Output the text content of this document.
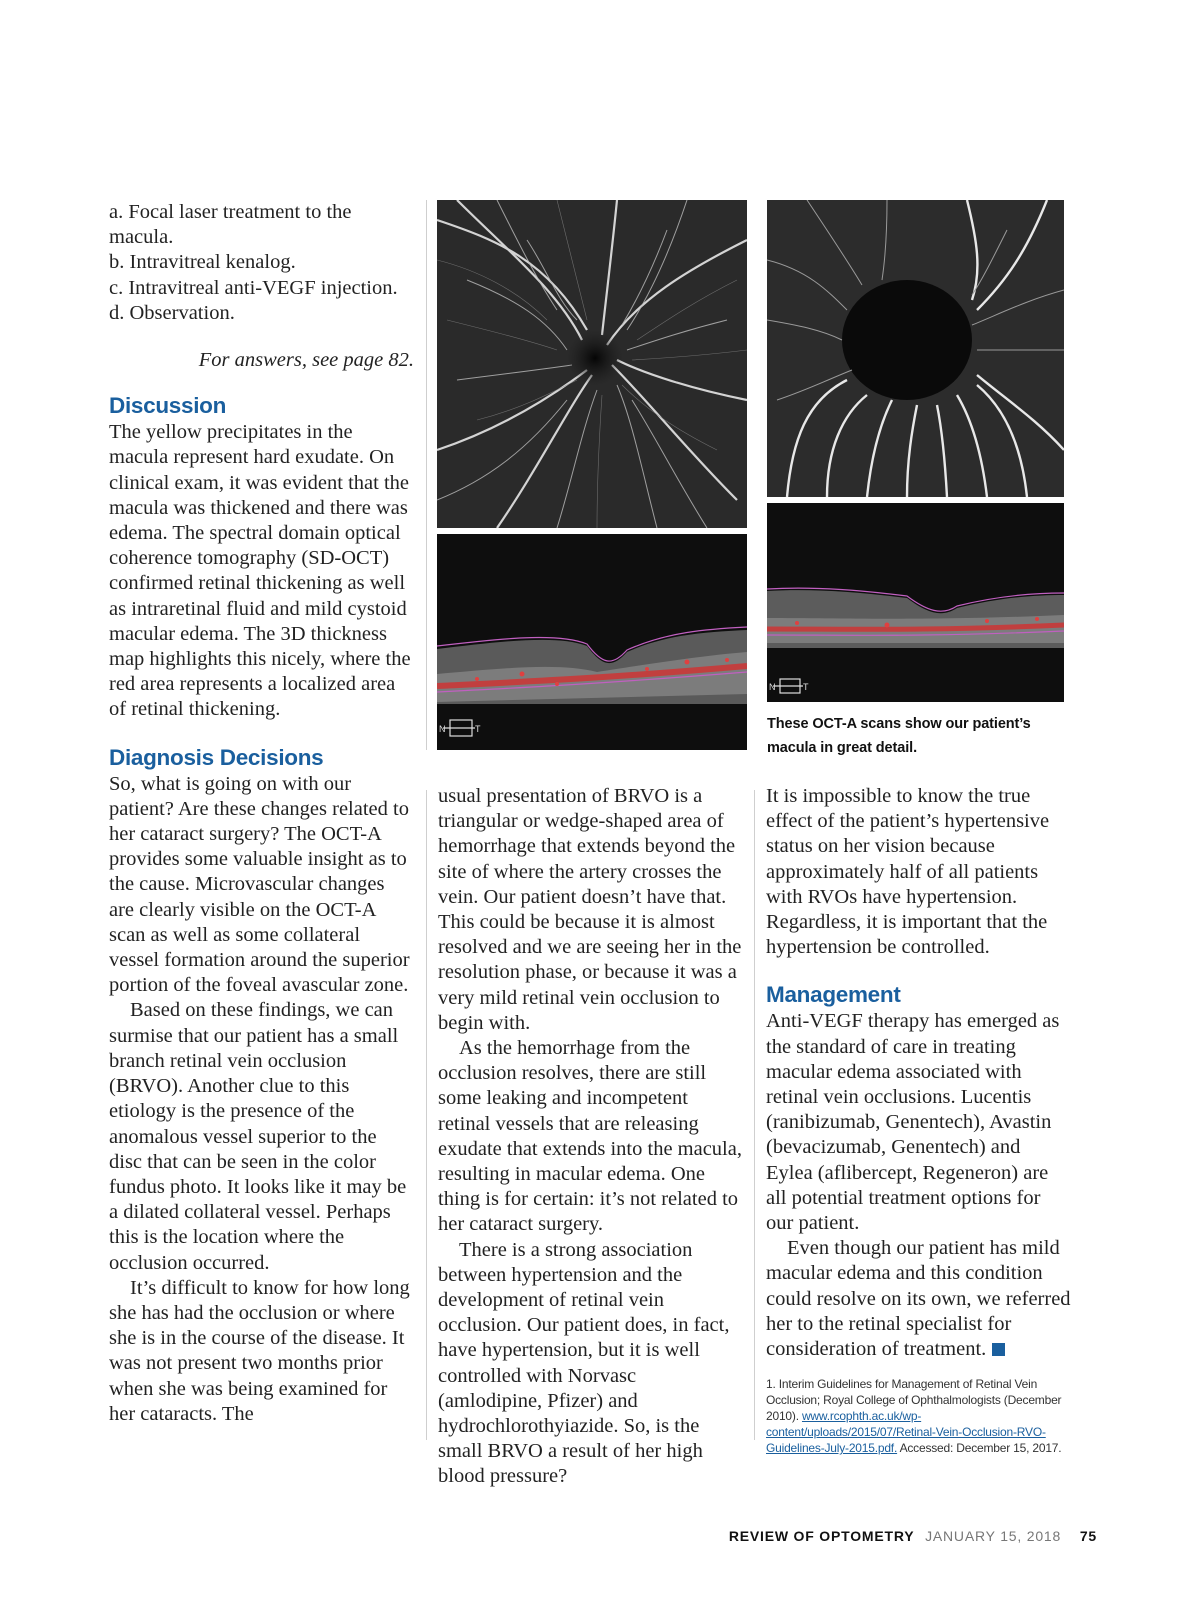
a. Focal laser treatment to the

macula.

b. Intravitreal kenalog.

c. Intravitreal anti-VEGF injection.

d. Observation.

For answers, see page 82.

Discussion

The yellow precipitates in the macula represent hard exudate. On clinical exam, it was evident that the macula was thickened and there was edema. The spectral domain optical coherence tomography (SD-OCT) confirmed retinal thickening as well as intraretinal fluid and mild cystoid macular edema. The 3D thickness map highlights this nicely, where the red area represents a localized area of retinal thickening.

Diagnosis Decisions

So, what is going on with our patient? Are these changes related to her cataract surgery? The OCT-A provides some valuable insight as to the cause. Microvascular changes are clearly visible on the OCT-A scan as well as some collateral vessel formation around the superior portion of the foveal avascular zone.

Based on these findings, we can surmise that our patient has a small branch retinal vein occlusion (BRVO). Another clue to this etiology is the presence of the anomalous vessel superior to the disc that can be seen in the color fundus photo. It looks like it may be a dilated collateral vessel. Perhaps this is the location where the occlusion occurred.

It’s difficult to know for how long she has had the occlusion or where she is in the course of the disease. It was not present two months prior when she was being examined for her cataracts. The

N	T
N	T
These OCT-A scans show our patient’s macula in great detail.

usual presentation of BRVO is a triangular or wedge-shaped area of hemorrhage that extends beyond the site of where the artery crosses the vein. Our patient doesn’t have that. This could be because it is almost resolved and we are seeing her in the resolution phase, or because it was a very mild retinal vein occlusion to begin with.

As the hemorrhage from the occlusion resolves, there are still some leaking and incompetent retinal vessels that are releasing exudate that extends into the macula, resulting in macular edema. One thing is for certain: it’s not related to her cataract surgery.

There is a strong association between hypertension and the development of retinal vein occlusion. Our patient does, in fact, have hypertension, but it is well controlled with Norvasc (amlodipine, Pfizer) and hydrochlorothyiazide. So, is the small BRVO a result of her high blood pressure?

It is impossible to know the true effect of the patient’s hypertensive status on her vision because approximately half of all patients with RVOs have hypertension. Regardless, it is important that the hypertension be controlled.

Management

Anti-VEGF therapy has emerged as the standard of care in treating macular edema associated with retinal vein occlusions. Lucentis (ranibizumab, Genentech), Avastin (bevacizumab, Genentech) and Eylea (aflibercept, Regeneron) are all potential treatment options for our patient.

Even though our patient has mild macular edema and this condition could resolve on its own, we referred her to the retinal specialist for consideration of treatment.

1. Interim Guidelines for Management of Retinal Vein Occlusion; Royal College of Ophthalmologists (December 2010). www.rcophth.ac.uk/wp-content/uploads/2015/07/Retinal-Vein-Occlusion-RVO-Guidelines-July-2015.pdf. Accessed: December 15, 2017.
REVIEW OF OPTOMETRY JANUARY 15, 2018 75
